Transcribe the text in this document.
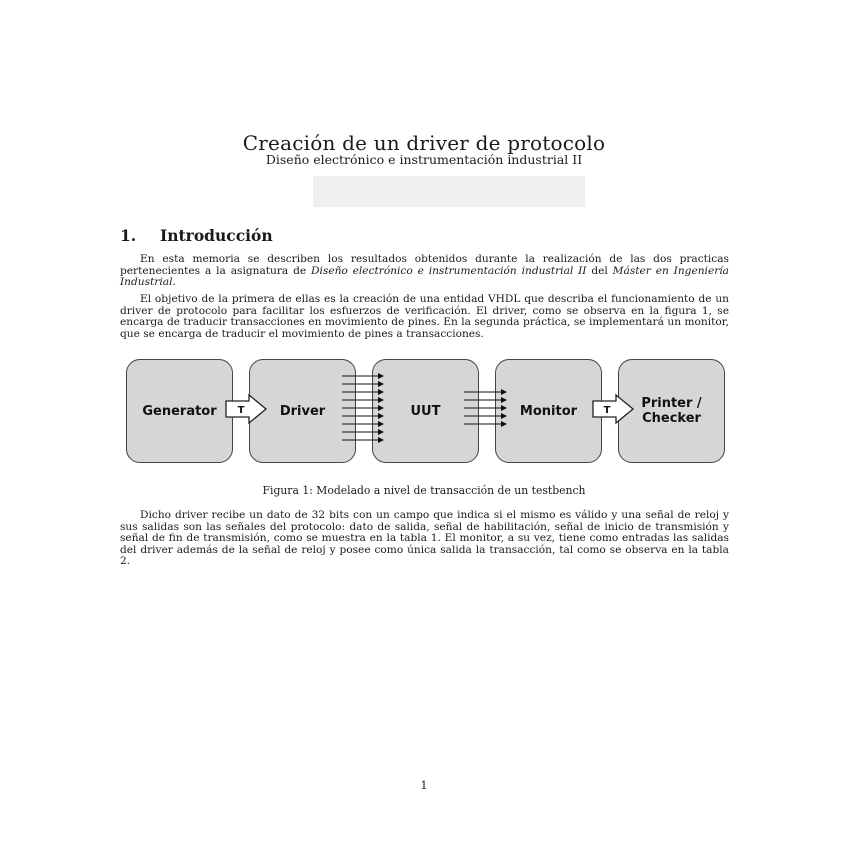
Creación de un driver de protocolo
Diseño electrónico e instrumentación industrial II
1. Introducción

En esta memoria se describen los resultados obtenidos durante la realización de las dos practicas pertenecientes a la asignatura de Diseño electrónico e instrumentación industrial II del Máster en Ingeniería Industrial.

El objetivo de la primera de ellas es la creación de una entidad VHDL que describa el funcionamiento de un driver de protocolo para facilitar los esfuerzos de verificación. El driver, como se observa en la figura 1, se encarga de traducir transacciones en movimiento de pines. En la segunda práctica, se implementará un monitor, que se encarga de traducir el movimiento de pines a transacciones.

Generator	Driver	UUT	Monitor	Printer /
Checker
T	T
Figura 1: Modelado a nivel de transacción de un testbench

Dicho driver recibe un dato de 32 bits con un campo que indica si el mismo es válido y una señal de reloj y sus salidas son las señales del protocolo: dato de salida, señal de habilitación, señal de inicio de transmisión y señal de fin de transmisión, como se muestra en la tabla 1. El monitor, a su vez, tiene como entradas las salidas del driver además de la señal de reloj y posee como única salida la transacción, tal como se observa en la tabla 2.

1
